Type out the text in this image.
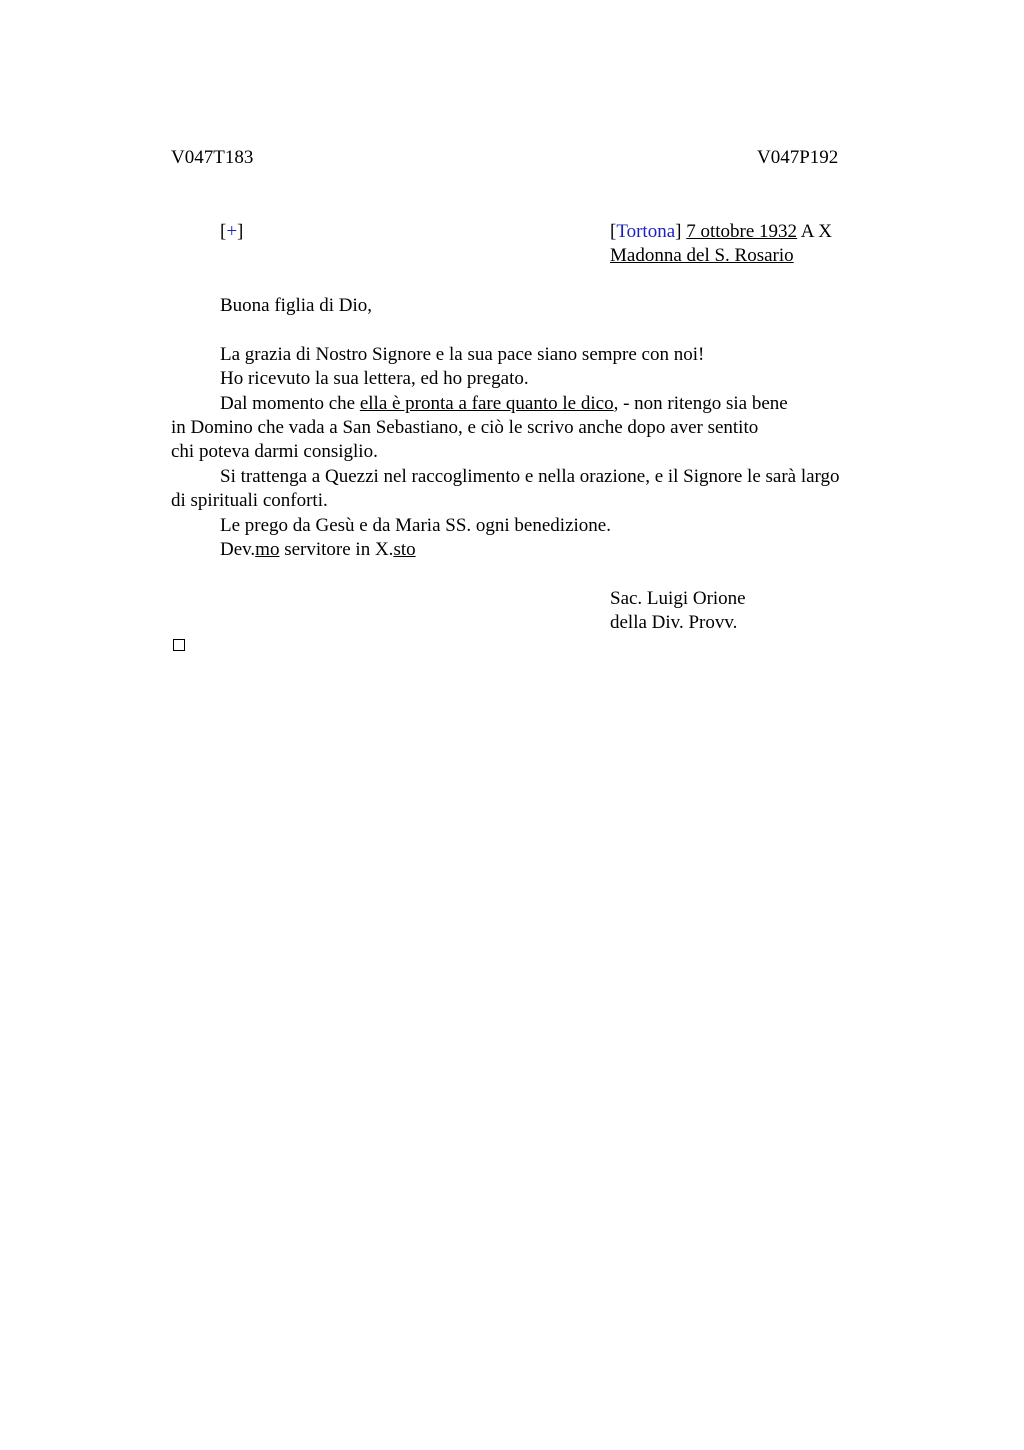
V047T183	V047P192
[+]	[Tortona] 7 ottobre 1932 A X
Madonna del S. Rosario
Buona figlia di Dio,
La grazia di Nostro Signore e la sua pace siano sempre con noi!
Ho ricevuto la sua lettera, ed ho pregato.
Dal momento che ella è pronta a fare quanto le dico, - non ritengo sia bene
in Domino che vada a San Sebastiano, e ciò le scrivo anche dopo aver sentito
chi poteva darmi consiglio.
Si trattenga a Quezzi nel raccoglimento e nella orazione, e il Signore le sarà largo
di spirituali conforti.
Le prego da Gesù e da Maria SS. ogni benedizione.
Dev.mo servitore in X.sto
Sac. Luigi Orione
della Div. Provv.
